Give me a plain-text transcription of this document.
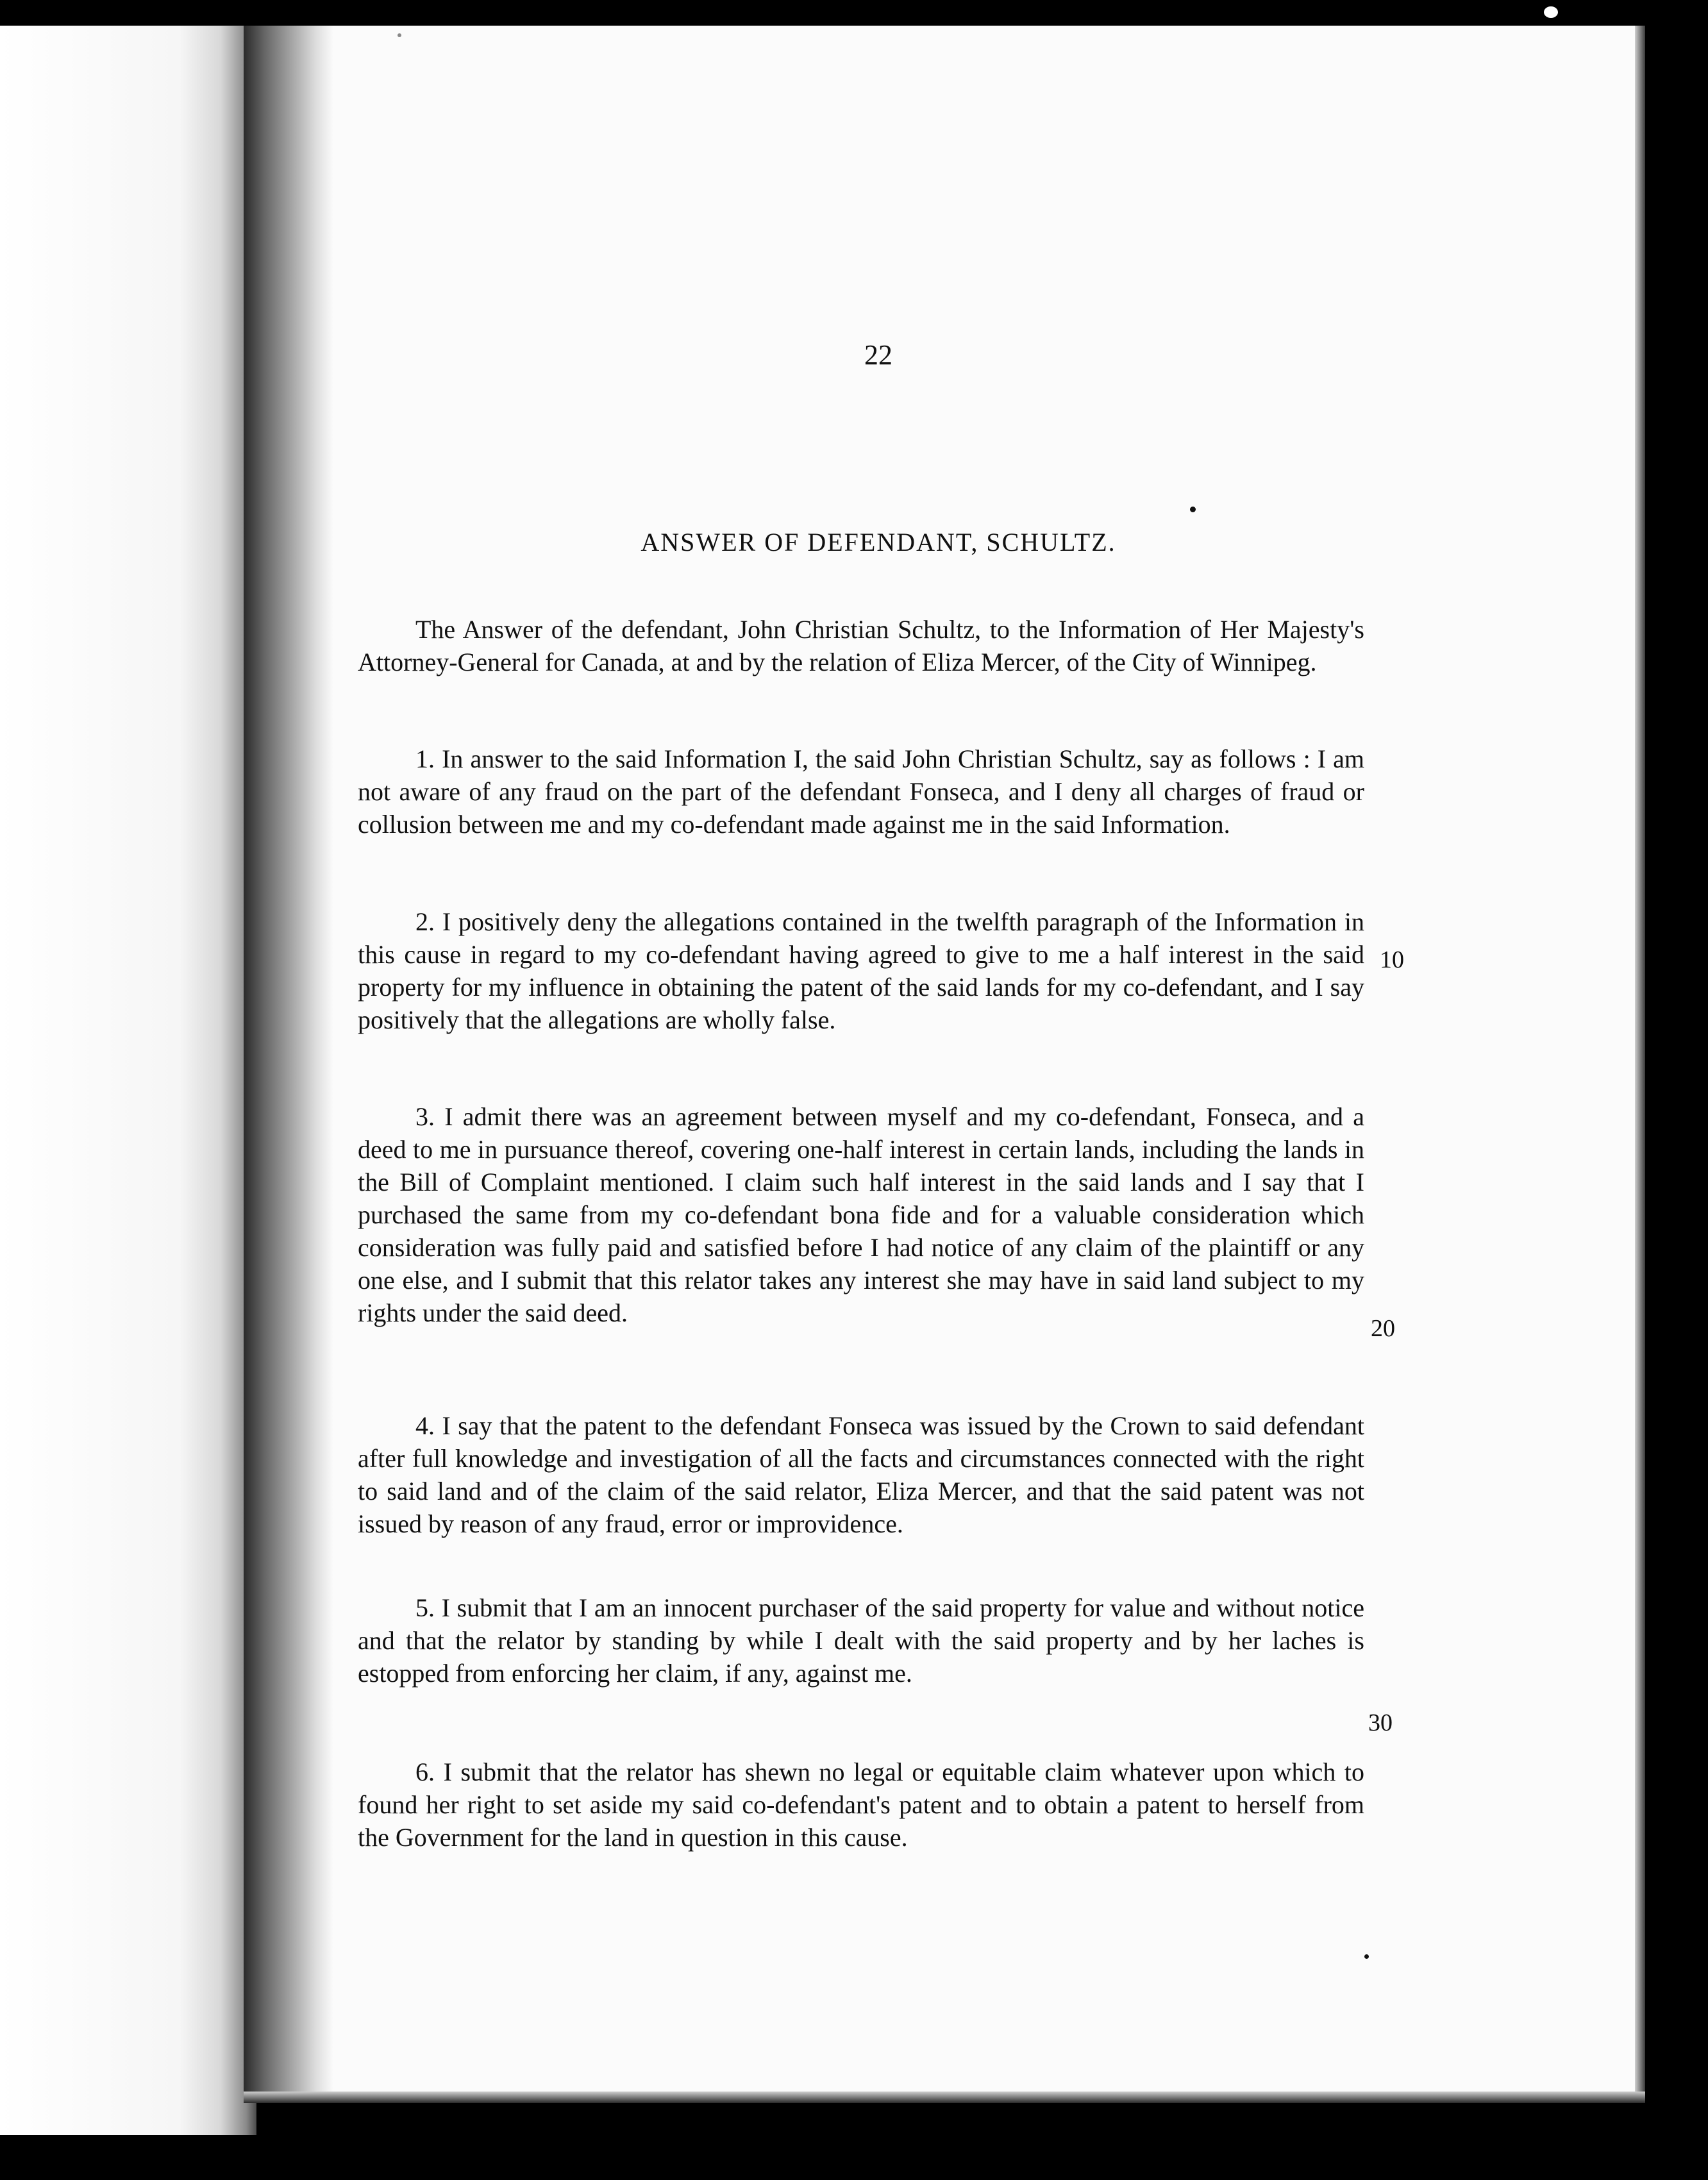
22
ANSWER OF DEFENDANT, SCHULTZ.

The Answer of the defendant, John Christian Schultz, to the Information of Her Majesty's Attorney-General for Canada, at and by the relation of Eliza Mercer, of the City of Winnipeg.

1. In answer to the said Information I, the said John Christian Schultz, say as follows : I am not aware of any fraud on the part of the defendant Fonseca, and I deny all charges of fraud or collusion between me and my co-defendant made against me in the said Information.

2. I positively deny the allegations contained in the twelfth paragraph of the Information in this cause in regard to my co-defendant having agreed to give to me a half interest in the said property for my influence in obtaining the patent of the said lands for my co-defendant, and I say positively that the allegations are wholly false.

3. I admit there was an agreement between myself and my co-defendant, Fonseca, and a deed to me in pursuance thereof, covering one-half interest in certain lands, including the lands in the Bill of Complaint mentioned. I claim such half interest in the said lands and I say that I purchased the same from my co-defendant bona fide and for a valuable consideration which consideration was fully paid and satisfied before I had notice of any claim of the plaintiff or any one else, and I submit that this relator takes any interest she may have in said land subject to my rights under the said deed.

4. I say that the patent to the defendant Fonseca was issued by the Crown to said defendant after full knowledge and investigation of all the facts and circumstances connected with the right to said land and of the claim of the said relator, Eliza Mercer, and that the said patent was not issued by reason of any fraud, error or improvidence.

5. I submit that I am an innocent purchaser of the said property for value and without notice and that the relator by standing by while I dealt with the said property and by her laches is estopped from enforcing her claim, if any, against me.

6. I submit that the relator has shewn no legal or equitable claim whatever upon which to found her right to set aside my said co-defendant's patent and to obtain a patent to herself from the Government for the land in question in this cause.

10
20
30
